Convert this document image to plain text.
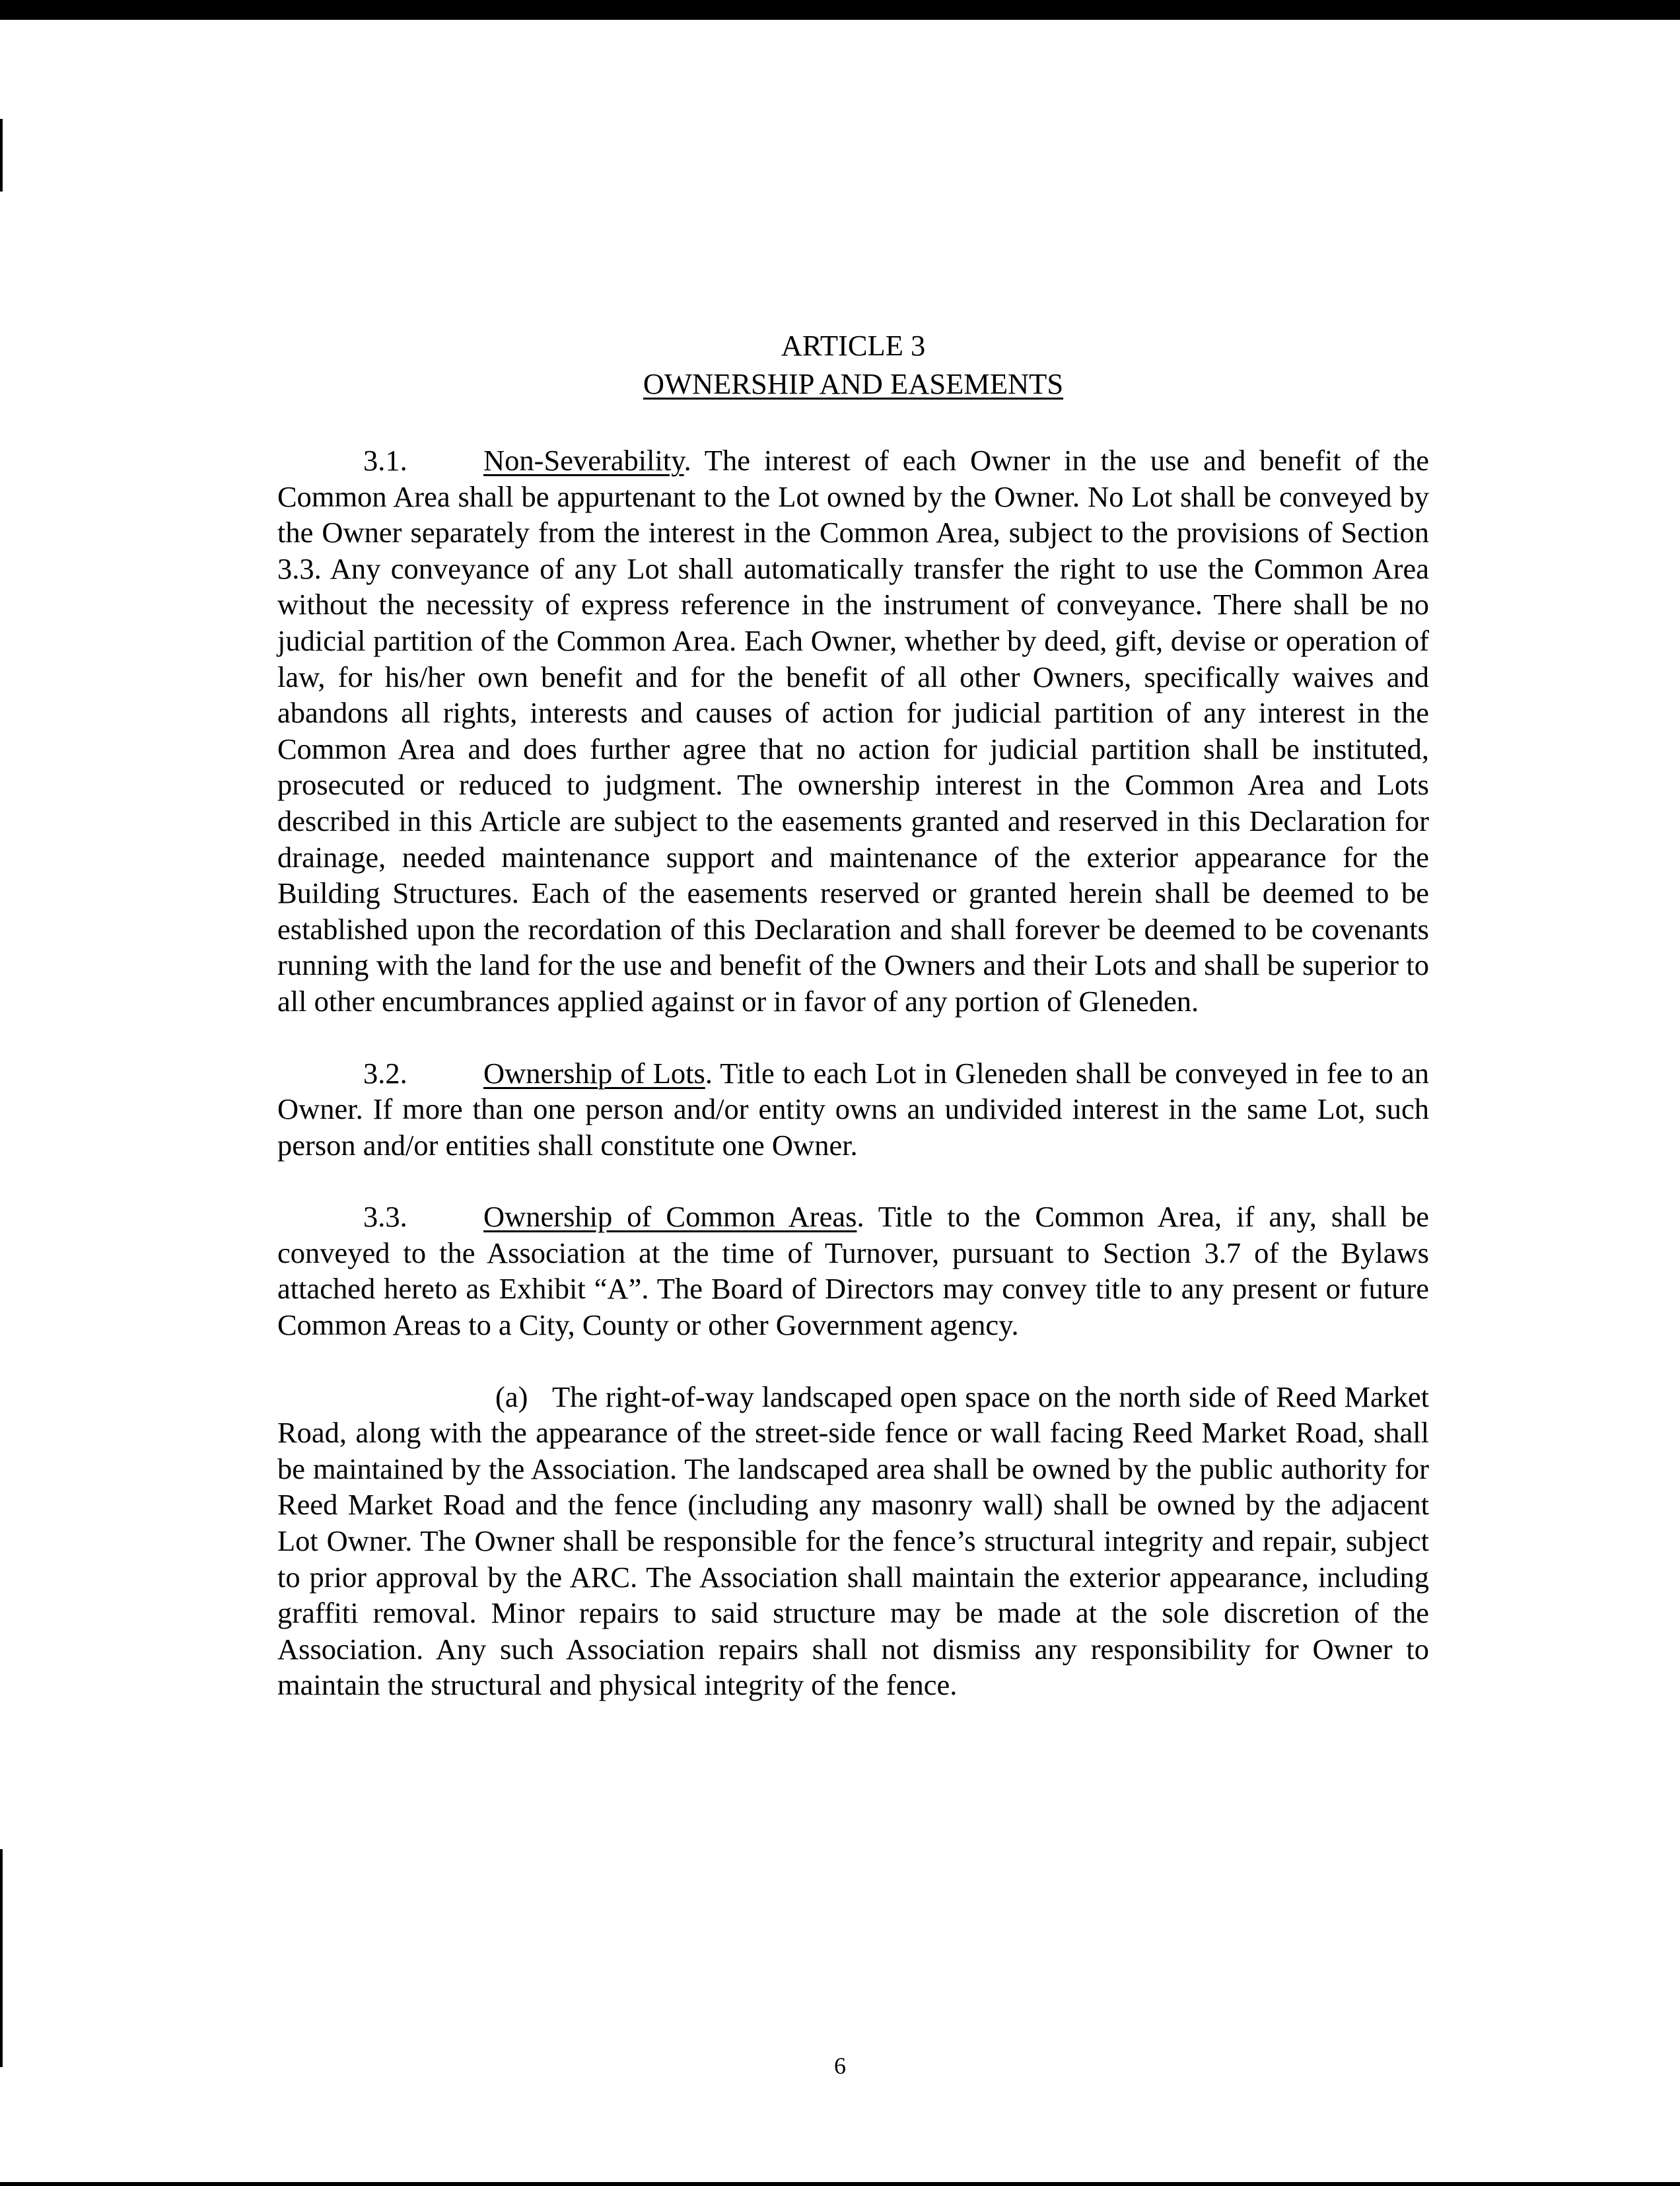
ARTICLE 3
OWNERSHIP AND EASEMENTS

3.1.	Non-Severability. The interest of each Owner in the use and benefit of the Common Area shall be appurtenant to the Lot owned by the Owner. No Lot shall be conveyed by the Owner separately from the interest in the Common Area, subject to the provisions of Section 3.3. Any conveyance of any Lot shall automatically transfer the right to use the Common Area without the necessity of express reference in the instrument of conveyance. There shall be no judicial partition of the Common Area. Each Owner, whether by deed, gift, devise or operation of law, for his/her own benefit and for the benefit of all other Owners, specifically waives and abandons all rights, interests and causes of action for judicial partition of any interest in the Common Area and does further agree that no action for judicial partition shall be instituted, prosecuted or reduced to judgment. The ownership interest in the Common Area and Lots described in this Article are subject to the easements granted and reserved in this Declaration for drainage, needed maintenance support and maintenance of the exterior appearance for the Building Structures. Each of the easements reserved or granted herein shall be deemed to be established upon the recordation of this Declaration and shall forever be deemed to be covenants running with the land for the use and benefit of the Owners and their Lots and shall be superior to all other encumbrances applied against or in favor of any portion of Gleneden.

3.2.	Ownership of Lots. Title to each Lot in Gleneden shall be conveyed in fee to an Owner. If more than one person and/or entity owns an undivided interest in the same Lot, such person and/or entities shall constitute one Owner.

3.3.	Ownership of Common Areas. Title to the Common Area, if any, shall be conveyed to the Association at the time of Turnover, pursuant to Section 3.7 of the Bylaws attached hereto as Exhibit “A”. The Board of Directors may convey title to any present or future Common Areas to a City, County or other Government agency.

(a) The right-of-way landscaped open space on the north side of Reed Market Road, along with the appearance of the street-side fence or wall facing Reed Market Road, shall be maintained by the Association. The landscaped area shall be owned by the public authority for Reed Market Road and the fence (including any masonry wall) shall be owned by the adjacent Lot Owner. The Owner shall be responsible for the fence’s structural integrity and repair, subject to prior approval by the ARC. The Association shall maintain the exterior appearance, including graffiti removal. Minor repairs to said structure may be made at the sole discretion of the Association. Any such Association repairs shall not dismiss any responsibility for Owner to maintain the structural and physical integrity of the fence.

6
